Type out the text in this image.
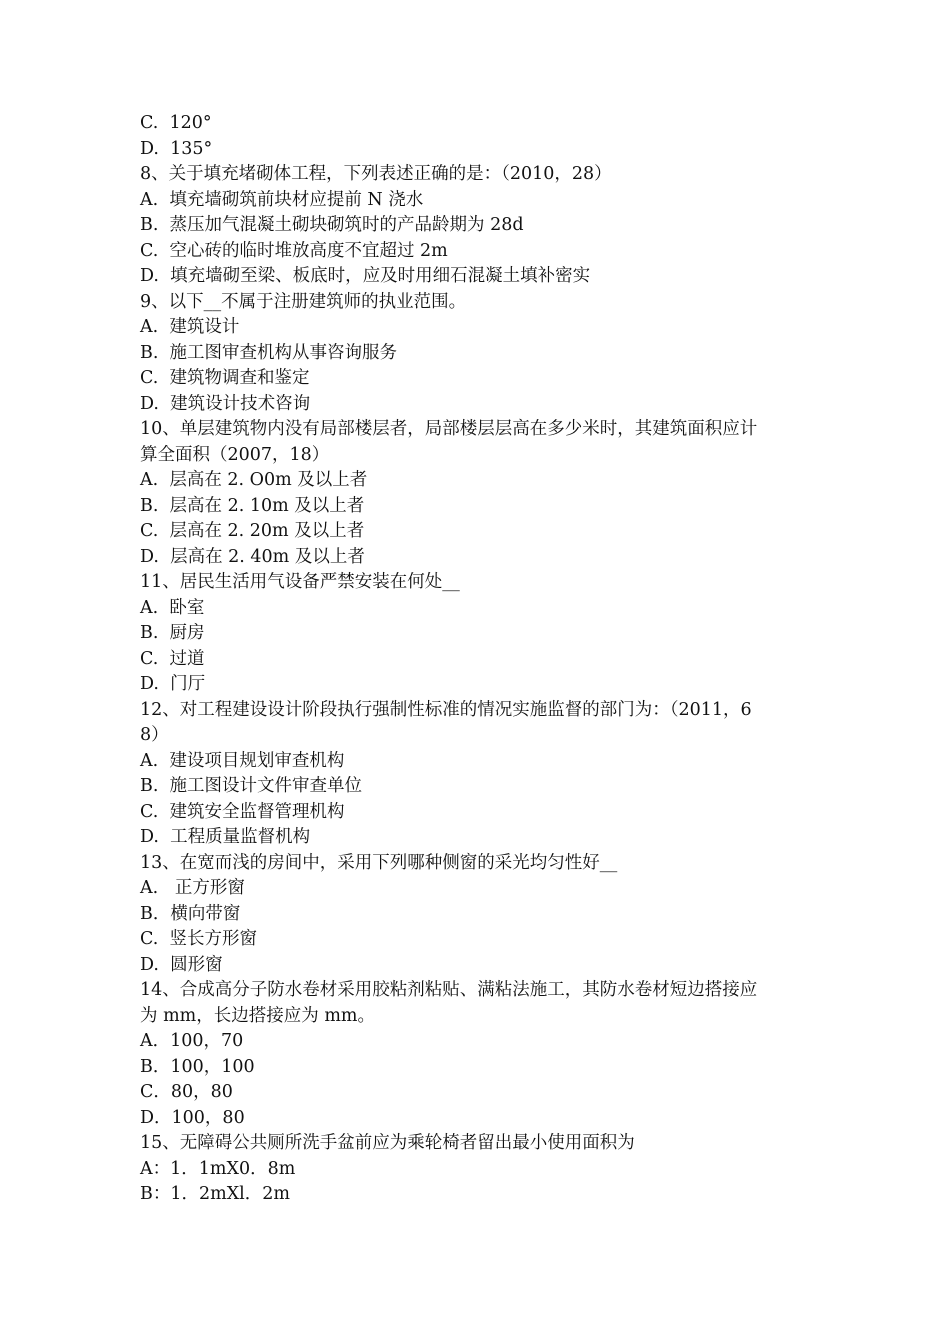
C.  120°
D.  135°
8、关于填充堵砌体工程，下列表述正确的是：（2010，28）
A.  填充墙砌筑前块材应提前 N 浇水
B.  蒸压加气混凝土砌块砌筑时的产品龄期为 28d
C.  空心砖的临时堆放高度不宜超过 2m
D.  填充墙砌至梁、板底时，应及时用细石混凝土填补密实
9、以下__不属于注册建筑师的执业范围。
A.  建筑设计
B.  施工图审查机构从事咨询服务
C.  建筑物调查和鉴定
D.  建筑设计技术咨询
10、单层建筑物内没有局部楼层者，局部楼层层高在多少米时，其建筑面积应计
算全面积（2007，18）
A.  层高在 2. O0m 及以上者
B.  层高在 2. 10m 及以上者
C.  层高在 2. 20m 及以上者
D.  层高在 2. 40m 及以上者
11、居民生活用气设备严禁安装在何处__
A.  卧室
B.  厨房
C.  过道
D.  门厅
12、对工程建设设计阶段执行强制性标准的情况实施监督的部门为：（2011，6
8）
A.  建设项目规划审查机构
B.  施工图设计文件审查单位
C.  建筑安全监督管理机构
D.  工程质量监督机构
13、在宽而浅的房间中，采用下列哪种侧窗的采光均匀性好__
A.   正方形窗
B．横向带窗
C.  竖长方形窗
D.  圆形窗
14、合成高分子防水卷材采用胶粘剂粘贴、满粘法施工，其防水卷材短边搭接应
为 mm，长边搭接应为 mm。
A．100，70
B．100，100
C．80，80
D．100，80
15、无障碍公共厕所洗手盆前应为乘轮椅者留出最小使用面积为
A：1．1mX0．8m
B：1．2mXl．2m
